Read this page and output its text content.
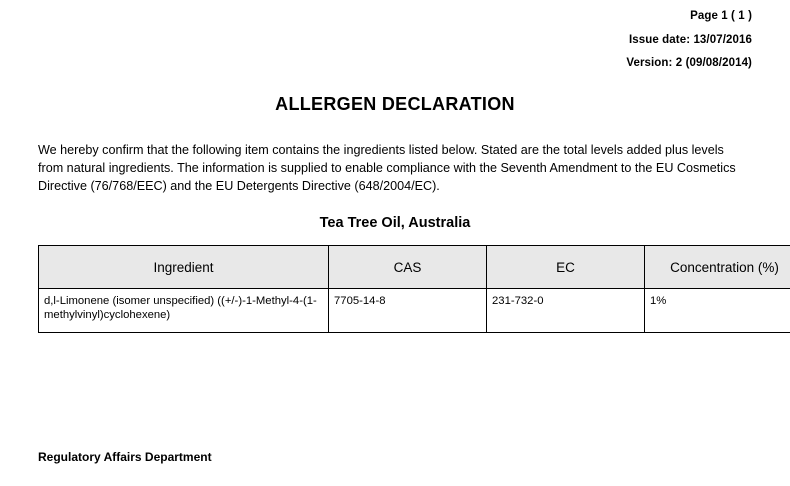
Page 1 ( 1 )
Issue date: 13/07/2016
Version: 2 (09/08/2014)
ALLERGEN DECLARATION
We hereby confirm that the following item contains the ingredients listed below. Stated are the total levels added plus levels from natural ingredients. The information is supplied to enable compliance with the Seventh Amendment to the EU Cosmetics Directive (76/768/EEC) and the EU Detergents Directive (648/2004/EC).
Tea Tree Oil, Australia
Ingredient	CAS	EC	Concentration (%)
d,l-Limonene (isomer unspecified) ((+/-)-1-Methyl-4-(1-methylvinyl)cyclohexene)	7705-14-8	231-732-0	1%
Regulatory Affairs Department
